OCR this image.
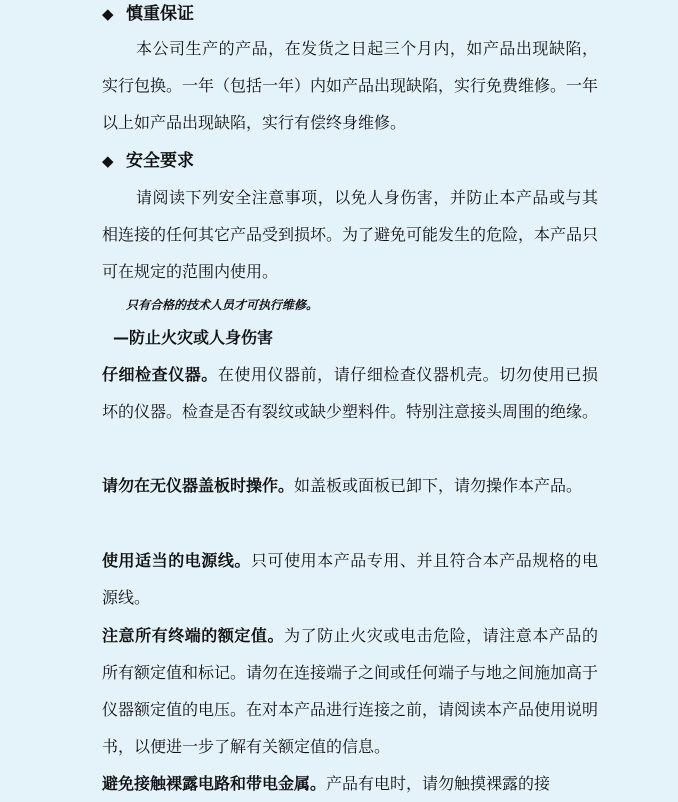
◆ 慎重保证
本公司生产的产品，在发货之日起三个月内，如产品出现缺陷，实行包换。一年（包括一年）内如产品出现缺陷，实行免费维修。一年以上如产品出现缺陷，实行有偿终身维修。
◆ 安全要求
请阅读下列安全注意事项，以免人身伤害，并防止本产品或与其相连接的任何其它产品受到损坏。为了避免可能发生的危险，本产品只可在规定的范围内使用。
只有合格的技术人员才可执行维修。
—防止火灾或人身伤害
仔细检查仪器。在使用仪器前，请仔细检查仪器机壳。切勿使用已损坏的仪器。检查是否有裂纹或缺少塑料件。特别注意接头周围的绝缘。
请勿在无仪器盖板时操作。如盖板或面板已卸下，请勿操作本产品。
使用适当的电源线。只可使用本产品专用、并且符合本产品规格的电源线。
注意所有终端的额定值。为了防止火灾或电击危险，请注意本产品的所有额定值和标记。请勿在连接端子之间或任何端子与地之间施加高于仪器额定值的电压。在对本产品进行连接之前，请阅读本产品使用说明书，以便进一步了解有关额定值的信息。
避免接触裸露电路和带电金属。产品有电时，请勿触摸裸露的接
